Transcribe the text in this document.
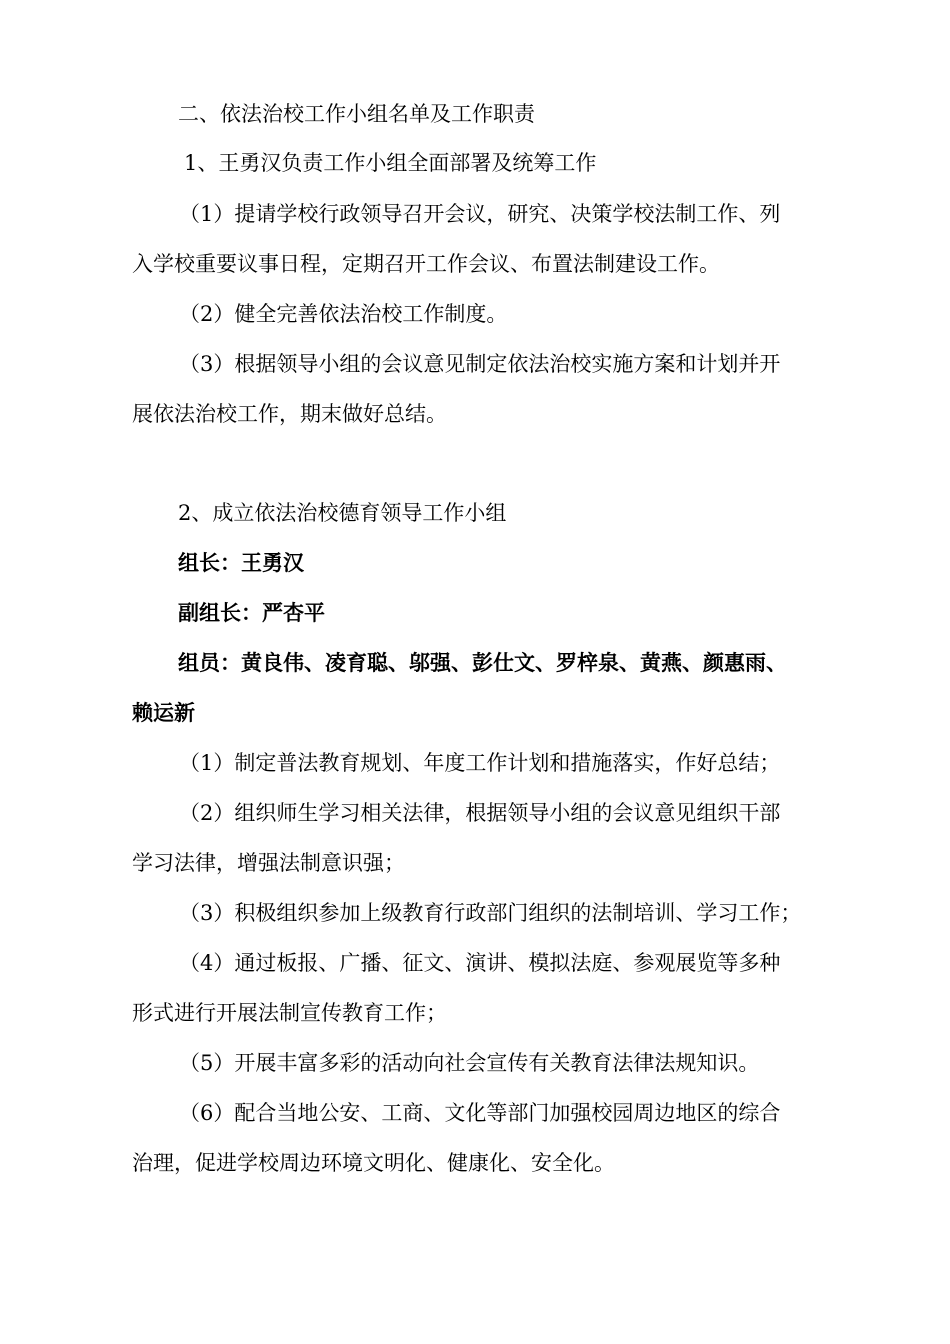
二、依法治校工作小组名单及工作职责
1、王勇汉负责工作小组全面部署及统筹工作
（1）提请学校行政领导召开会议，研究、决策学校法制工作、列
入学校重要议事日程，定期召开工作会议、布置法制建设工作。
（2）健全完善依法治校工作制度。
（3）根据领导小组的会议意见制定依法治校实施方案和计划并开
展依法治校工作，期末做好总结。
2、成立依法治校德育领导工作小组
组长：王勇汉
副组长：严杏平
组员：黄良伟、凌育聪、邬强、彭仕文、罗梓泉、黄燕、颜惠雨、
赖运新
（1）制定普法教育规划、年度工作计划和措施落实，作好总结；
（2）组织师生学习相关法律，根据领导小组的会议意见组织干部
学习法律，增强法制意识强；
（3）积极组织参加上级教育行政部门组织的法制培训、学习工作；
（4）通过板报、广播、征文、演讲、模拟法庭、参观展览等多种
形式进行开展法制宣传教育工作；
（5）开展丰富多彩的活动向社会宣传有关教育法律法规知识。
（6）配合当地公安、工商、文化等部门加强校园周边地区的综合
治理，促进学校周边环境文明化、健康化、安全化。
